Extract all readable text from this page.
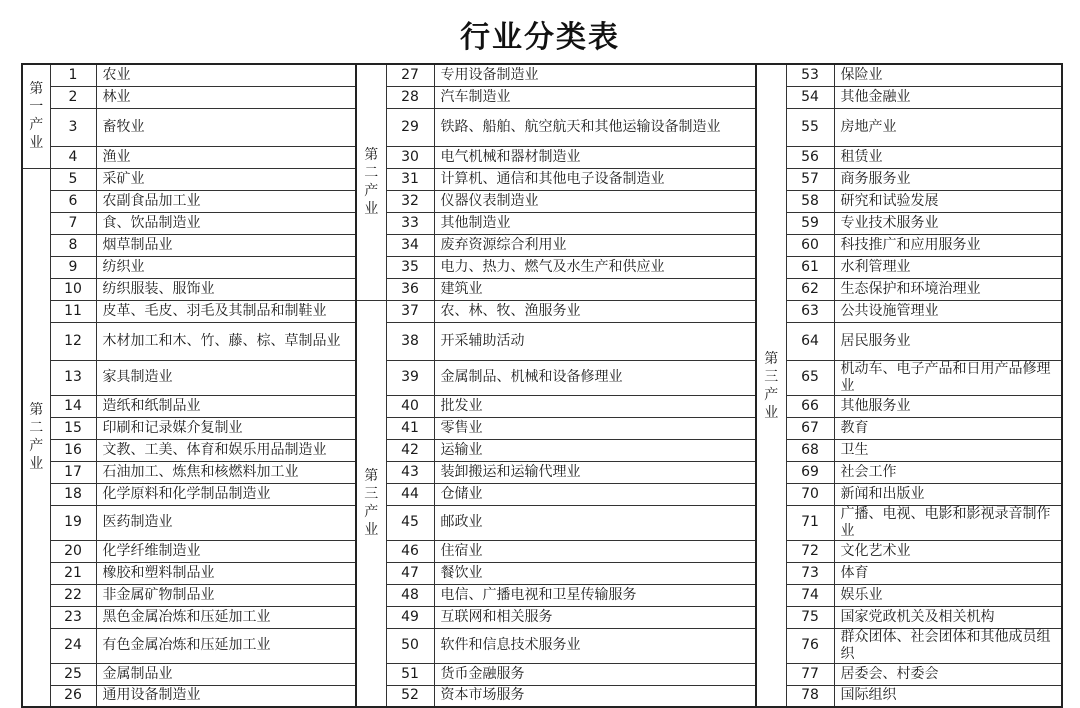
行业分类表
第一产业	1	农业	第二产业	27	专用设备制造业	第三产业	53	保险业
	2	林业		28	汽车制造业		54	其他金融业
	3	畜牧业		29	铁路、船舶、航空航天和其他运输设备制造业		55	房地产业
	4	渔业		30	电气机械和器材制造业		56	租赁业
第二产业	5	采矿业		31	计算机、通信和其他电子设备制造业		57	商务服务业
	6	农副食品加工业		32	仪器仪表制造业		58	研究和试验发展
	7	食、饮品制造业		33	其他制造业		59	专业技术服务业
	8	烟草制品业		34	废弃资源综合利用业		60	科技推广和应用服务业
	9	纺织业		35	电力、热力、燃气及水生产和供应业		61	水利管理业
	10	纺织服装、服饰业		36	建筑业		62	生态保护和环境治理业
	11	皮革、毛皮、羽毛及其制品和制鞋业	第三产业	37	农、林、牧、渔服务业		63	公共设施管理业
	12	木材加工和木、竹、藤、棕、草制品业		38	开采辅助活动		64	居民服务业
	13	家具制造业		39	金属制品、机械和设备修理业		65	机动车、电子产品和日用产品修理业
	14	造纸和纸制品业		40	批发业		66	其他服务业
	15	印刷和记录媒介复制业		41	零售业		67	教育
	16	文教、工美、体育和娱乐用品制造业		42	运输业		68	卫生
	17	石油加工、炼焦和核燃料加工业		43	装卸搬运和运输代理业		69	社会工作
	18	化学原料和化学制品制造业		44	仓储业		70	新闻和出版业
	19	医药制造业		45	邮政业		71	广播、电视、电影和影视录音制作业
	20	化学纤维制造业		46	住宿业		72	文化艺术业
	21	橡胶和塑料制品业		47	餐饮业		73	体育
	22	非金属矿物制品业		48	电信、广播电视和卫星传输服务		74	娱乐业
	23	黑色金属冶炼和压延加工业		49	互联网和相关服务		75	国家党政机关及相关机构
	24	有色金属冶炼和压延加工业		50	软件和信息技术服务业		76	群众团体、社会团体和其他成员组织
	25	金属制品业		51	货币金融服务		77	居委会、村委会
	26	通用设备制造业		52	资本市场服务		78	国际组织
